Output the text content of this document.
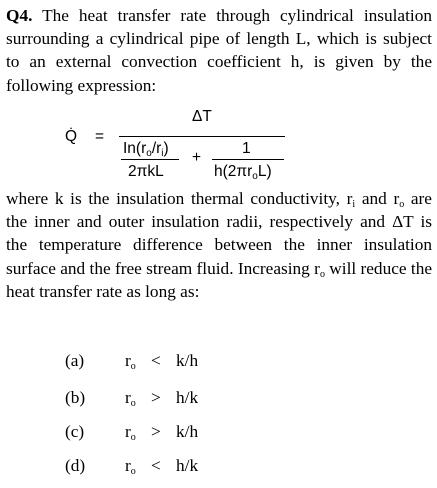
Q4. The heat transfer rate through cylindrical insulation surrounding a cylindrical pipe of length L, which is subject to an external convection coefficient h, is given by the following expression:
Q̇ =
ΔT
$In(r_o/r_i)$
2πkL
+
1
$h(2\pi r_oL)$
where k is the insulation thermal conductivity, $r_i$ and $r_o$ are the inner and outer insulation radii, respectively and ΔT is the temperature difference between the inner insulation surface and the free stream fluid. Increasing $r_o$ will reduce the heat transfer rate as long as:
(a) $r_o < k/h$
(b) $r_o > h/k$
(c) $r_o > k/h$
(d) $r_o < h/k$
